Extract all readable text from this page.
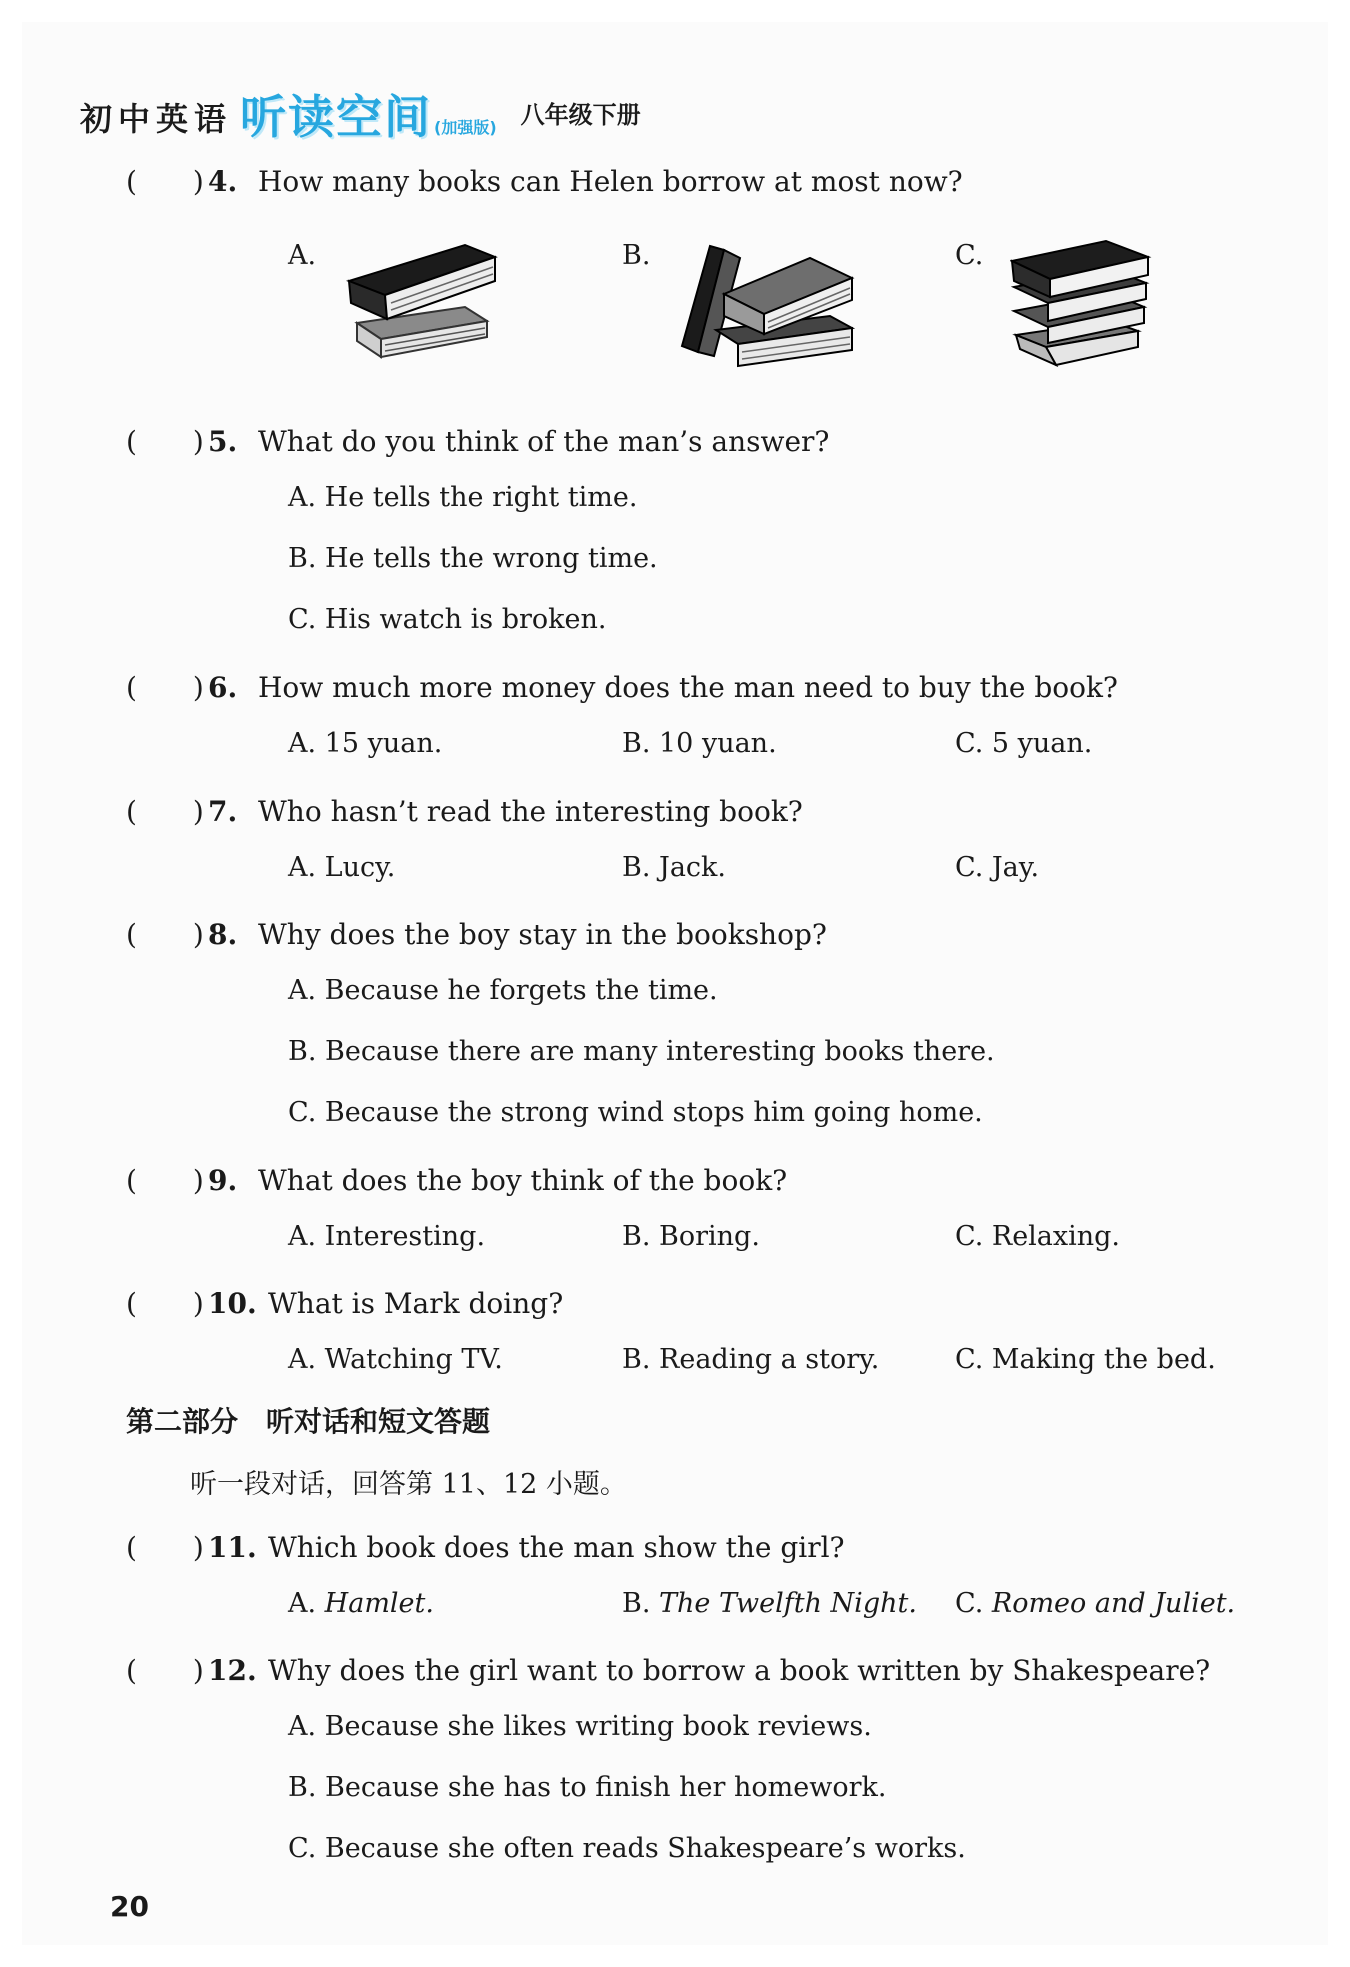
初中英语 听读空间 (加强版) 八年级下册
(　　) 4. How many books can Helen borrow at most now?
A.	B.	C.
(　　) 5. What do you think of the man’s answer?
A. He tells the right time.
B. He tells the wrong time.
C. His watch is broken.
(　　) 6. How much more money does the man need to buy the book?
A. 15 yuan.	B. 10 yuan.	C. 5 yuan.
(　　) 7. Who hasn’t read the interesting book?
A. Lucy.	B. Jack.	C. Jay.
(　　) 8. Why does the boy stay in the bookshop?
A. Because he forgets the time.
B. Because there are many interesting books there.
C. Because the strong wind stops him going home.
(　　) 9. What does the boy think of the book?
A. Interesting.	B. Boring.	C. Relaxing.
(　　) 10. What is Mark doing?
A. Watching TV.	B. Reading a story.	C. Making the bed.
第二部分　听对话和短文答题
听一段对话，回答第 11、12 小题。
(　　) 11. Which book does the man show the girl?
A. Hamlet.	B. The Twelfth Night. C. Romeo and Juliet.
(　　) 12. Why does the girl want to borrow a book written by Shakespeare?
A. Because she likes writing book reviews.
B. Because she has to finish her homework.
C. Because she often reads Shakespeare’s works.
20
